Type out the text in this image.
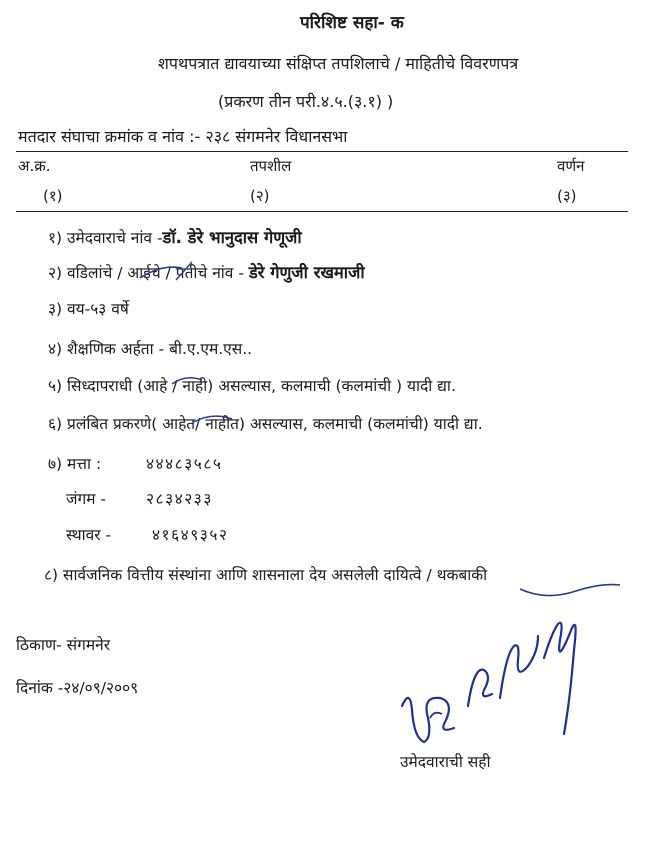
परिशिष्ट सहा- क
शपथपत्रात द्यावयाच्या संक्षिप्त तपशिलाचे / माहितीचे विवरणपत्र
(प्रकरण तीन परी.४.५.(३.१) )
मतदार संघाचा क्रमांक व नांव :- २३८ संगमनेर विधानसभा
अ.क्र.	तपशील	वर्णन
(१)	(२)	(३)
१) उमेदवाराचे नांव -डॉ. डेरे भानुदास गेणूजी
२) वडिलांचे / आईचे / पतीचे नांव - डेरे गेणुजी रखमाजी
३) वय-५३ वर्षे
४) शैक्षणिक अर्हता - बी.ए.एम.एस..
५) सिध्दापराधी (आहे / नाही) असल्यास, कलमाची (कलमांची ) यादी द्या.
६) प्रलंबित प्रकरणे( आहेत/ नाहीत) असल्यास, कलमाची (कलमांची) यादी द्या.
७) मत्ता :	४४४८३५८५
जंगम -	२८३४२३३
स्थावर -	४१६४९३५२
८) सार्वजनिक वित्तीय संस्थांना आणि शासनाला देय असलेली दायित्वे / थकबाकी
ठिकाण- संगमनेर
दिनांक -२४/०९/२००९
उमेदवाराची सही
